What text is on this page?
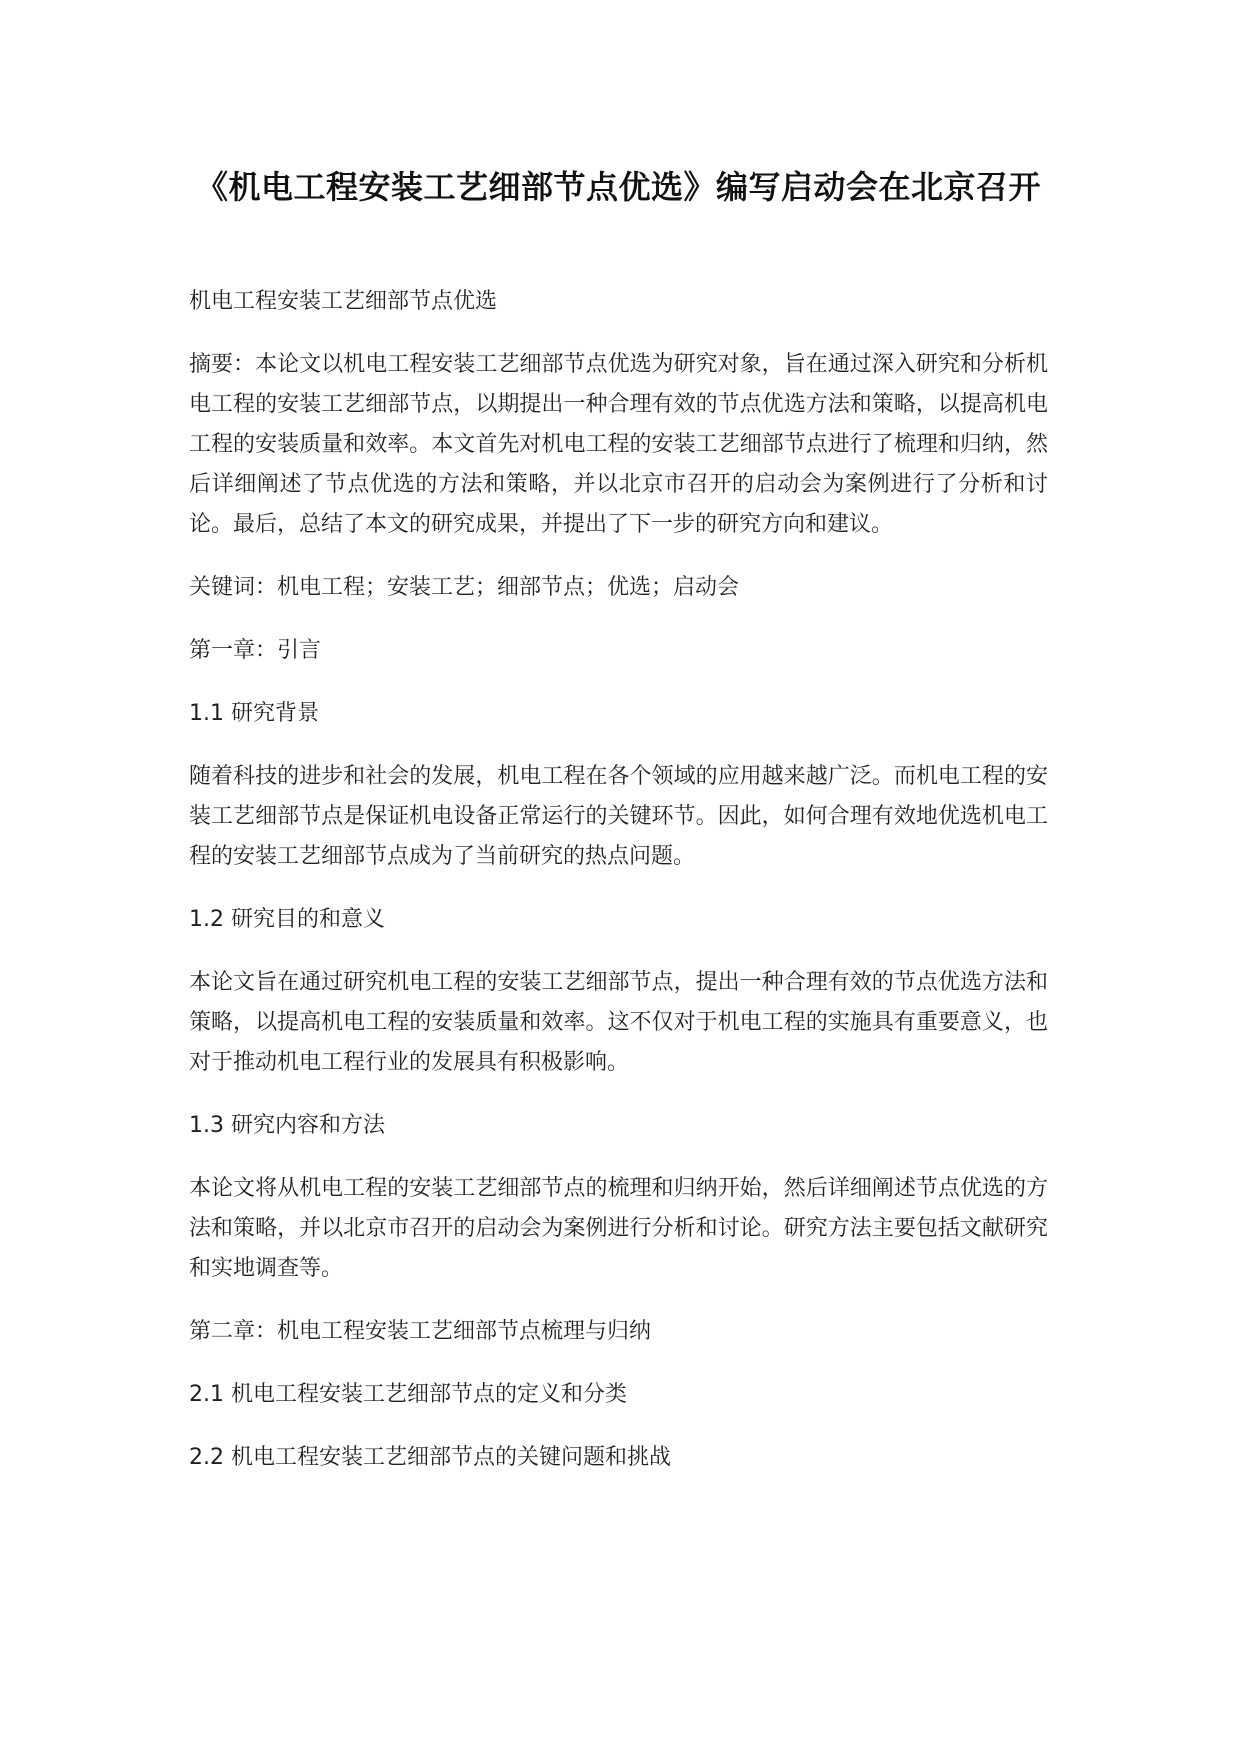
《机电工程安装工艺细部节点优选》编写启动会在北京召开

机电工程安装工艺细部节点优选

摘要：本论文以机电工程安装工艺细部节点优选为研究对象，旨在通过深入研究和分析机电工程的安装工艺细部节点，以期提出一种合理有效的节点优选方法和策略，以提高机电工程的安装质量和效率。本文首先对机电工程的安装工艺细部节点进行了梳理和归纳，然后详细阐述了节点优选的方法和策略，并以北京市召开的启动会为案例进行了分析和讨论。最后，总结了本文的研究成果，并提出了下一步的研究方向和建议。

关键词：机电工程；安装工艺；细部节点；优选；启动会

第一章：引言

1.1 研究背景

随着科技的进步和社会的发展，机电工程在各个领域的应用越来越广泛。而机电工程的安装工艺细部节点是保证机电设备正常运行的关键环节。因此，如何合理有效地优选机电工程的安装工艺细部节点成为了当前研究的热点问题。

1.2 研究目的和意义

本论文旨在通过研究机电工程的安装工艺细部节点，提出一种合理有效的节点优选方法和策略，以提高机电工程的安装质量和效率。这不仅对于机电工程的实施具有重要意义，也对于推动机电工程行业的发展具有积极影响。

1.3 研究内容和方法

本论文将从机电工程的安装工艺细部节点的梳理和归纳开始，然后详细阐述节点优选的方法和策略，并以北京市召开的启动会为案例进行分析和讨论。研究方法主要包括文献研究和实地调查等。

第二章：机电工程安装工艺细部节点梳理与归纳

2.1 机电工程安装工艺细部节点的定义和分类

2.2 机电工程安装工艺细部节点的关键问题和挑战
